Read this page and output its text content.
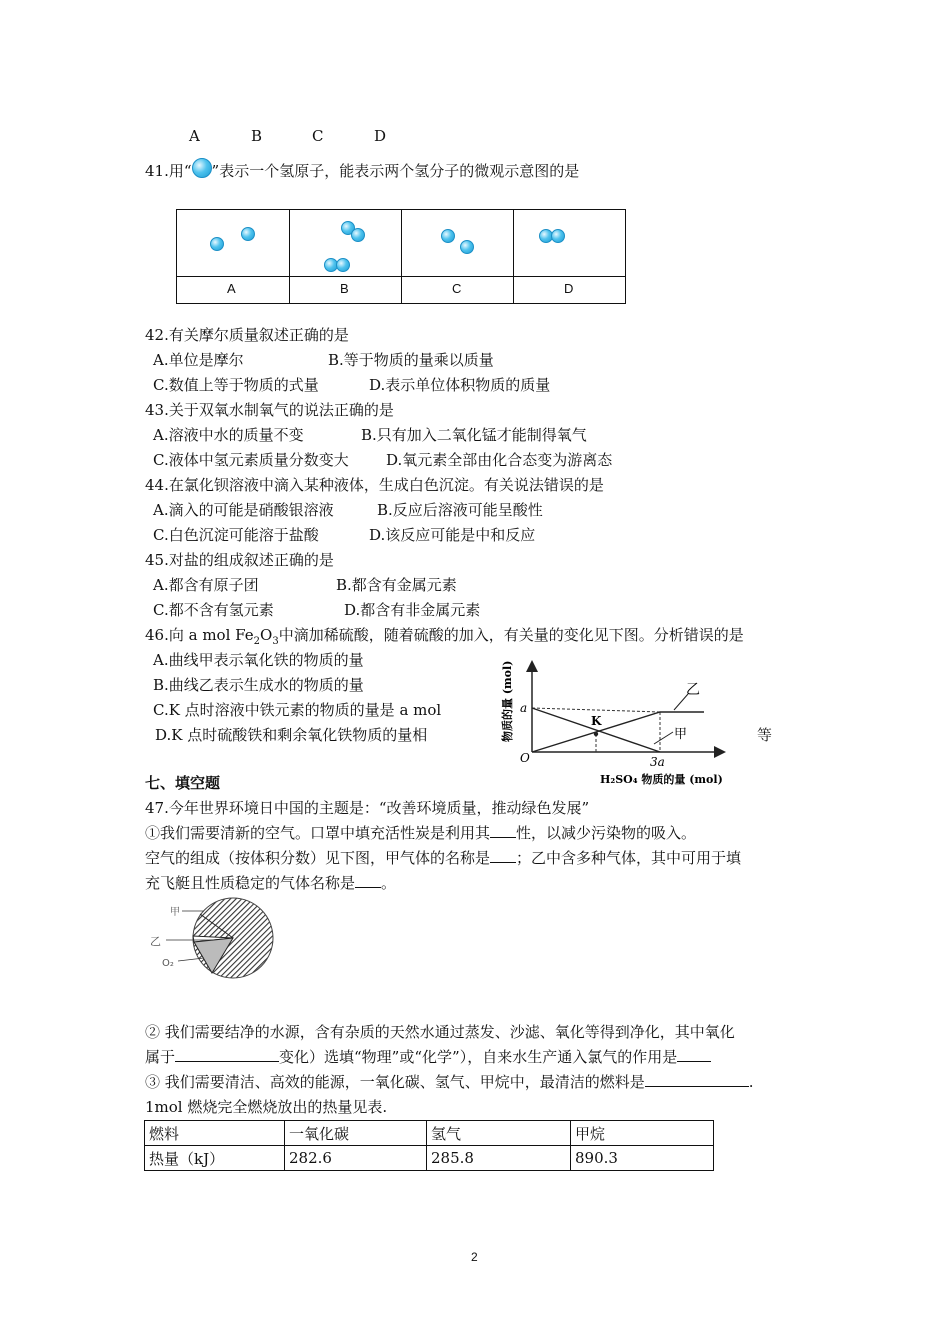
A	B	C	D
41.用“ ”表示一个氢原子，能表示两个氢分子的微观示意图的是
A	B	C	D
42.有关摩尔质量叙述正确的是
A.单位是摩尔	B.等于物质的量乘以质量
C.数值上等于物质的式量	D.表示单位体积物质的质量
43.关于双氧水制氧气的说法正确的是
A.溶液中水的质量不变	B.只有加入二氧化锰才能制得氧气
C.液体中氢元素质量分数变大 D.氧元素全部由化合态变为游离态
44.在氯化钡溶液中滴入某种液体，生成白色沉淀。有关说法错误的是
A.滴入的可能是硝酸银溶液	B.反应后溶液可能呈酸性
C.白色沉淀可能溶于盐酸	D.该反应可能是中和反应
45.对盐的组成叙述正确的是
A.都含有原子团	B.都含有金属元素
C.都不含有氢元素	D.都含有非金属元素
46.向 a mol $Fe_2O_3$中滴加稀硫酸，随着硫酸的加入，有关量的变化见下图。分析错误的是
A.曲线甲表示氧化铁的物质的量
B.曲线乙表示生成水的物质的量
C.K 点时溶液中铁元素的物质的量是 a mol
D.K 点时硫酸铁和剩余氧化铁物质的量相	等
K
a
O	3a
甲
乙
H₂SO₄ 物质的量 (mol)
物质的量 (mol)
七、填空题
47.今年世界环境日中国的主题是：“改善环境质量，推动绿色发展”
①我们需要清新的空气。口罩中填充活性炭是利用其 性，以减少污染物的吸入。
空气的组成（按体积分数）见下图，甲气体的名称是 ；乙中含多种气体，其中可用于填
充飞艇且性质稳定的气体名称是 。
甲
乙
O₂
② 我们需要结净的水源，含有杂质的天然水通过蒸发、沙滤、氧化等得到净化，其中氧化
属于	变化）选填“物理”或“化学”），自来水生产通入氯气的作用是
③ 我们需要清洁、高效的能源，一氧化碳、氢气、甲烷中，最清洁的燃料是	.
1mol 燃烧完全燃烧放出的热量见表.
燃料	一氧化碳	氢气	甲烷
热量（kJ）	282.6	285.8	890.3
2
